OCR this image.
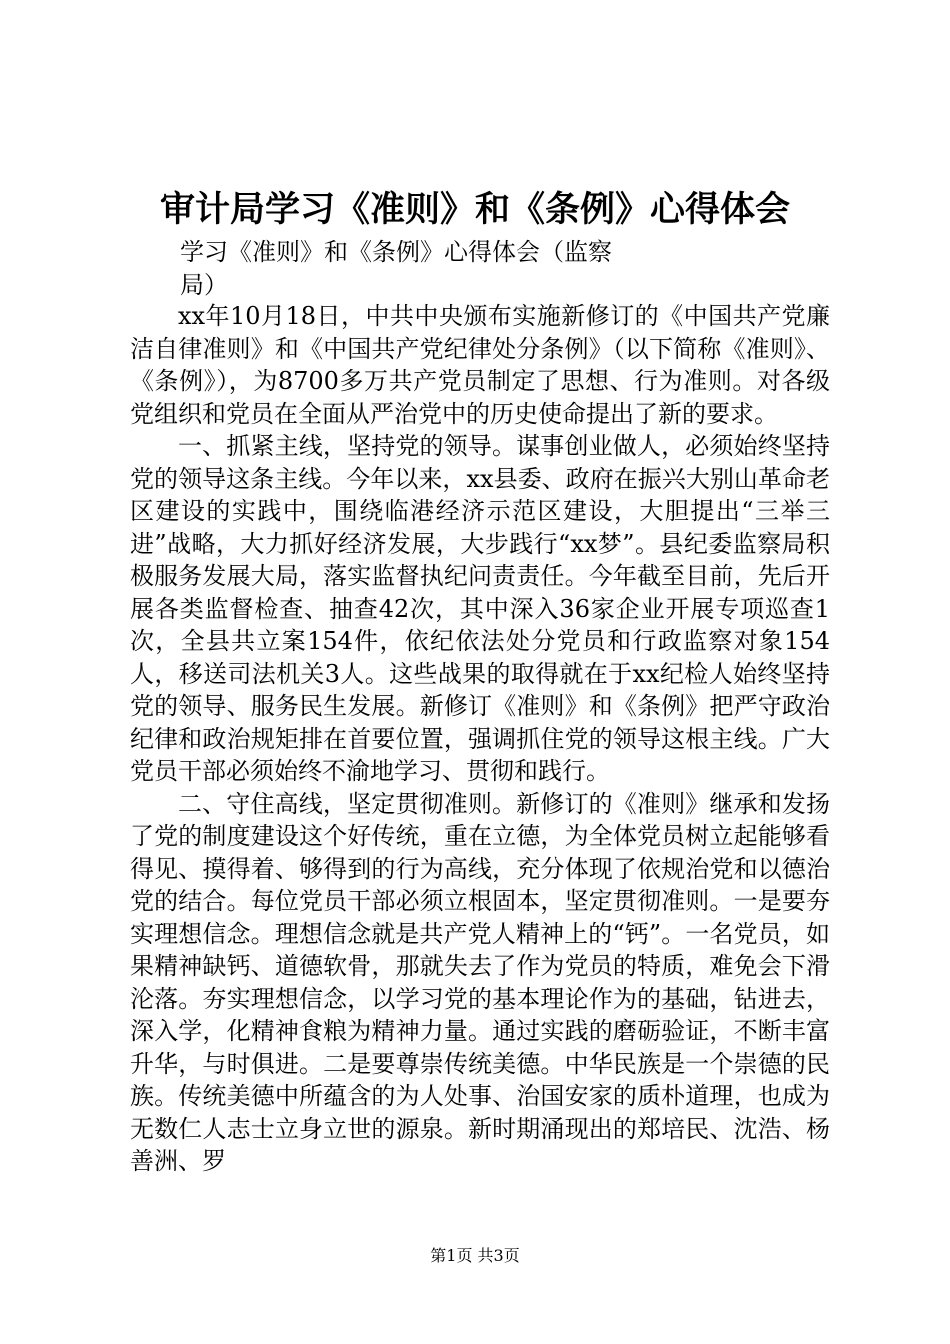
审计局学习《准则》和《条例》心得体会

学习《准则》和《条例》心得体会（监察局）

xx年10月18日，中共中央颁布实施新修订的《中国共产党廉洁自律准则》和《中国共产党纪律处分条例》（以下简称《准则》、《条例》），为8700多万共产党员制定了思想、行为准则。对各级党组织和党员在全面从严治党中的历史使命提出了新的要求。

一、抓紧主线，坚持党的领导。谋事创业做人，必须始终坚持党的领导这条主线。今年以来，xx县委、政府在振兴大别山革命老区建设的实践中，围绕临港经济示范区建设，大胆提出“三举三进”战略，大力抓好经济发展，大步践行“xx梦”。县纪委监察局积极服务发展大局，落实监督执纪问责责任。今年截至目前，先后开展各类监督检查、抽查42次，其中深入36家企业开展专项巡查1次，全县共立案154件，依纪依法处分党员和行政监察对象154人，移送司法机关3人。这些战果的取得就在于xx纪检人始终坚持党的领导、服务民生发展。新修订《准则》和《条例》把严守政治纪律和政治规矩排在首要位置，强调抓住党的领导这根主线。广大党员干部必须始终不渝地学习、贯彻和践行。

二、守住高线，坚定贯彻准则。新修订的《准则》继承和发扬了党的制度建设这个好传统，重在立德，为全体党员树立起能够看得见、摸得着、够得到的行为高线，充分体现了依规治党和以德治党的结合。每位党员干部必须立根固本，坚定贯彻准则。一是要夯实理想信念。理想信念就是共产党人精神上的“钙”。一名党员，如果精神缺钙、道德软骨，那就失去了作为党员的特质，难免会下滑沦落。夯实理想信念，以学习党的基本理论作为的基础，钻进去，深入学，化精神食粮为精神力量。通过实践的磨砺验证，不断丰富升华，与时俱进。二是要尊崇传统美德。中华民族是一个崇德的民族。传统美德中所蕴含的为人处事、治国安家的质朴道理，也成为无数仁人志士立身立世的源泉。新时期涌现出的郑培民、沈浩、杨善洲、罗

第1页 共3页
